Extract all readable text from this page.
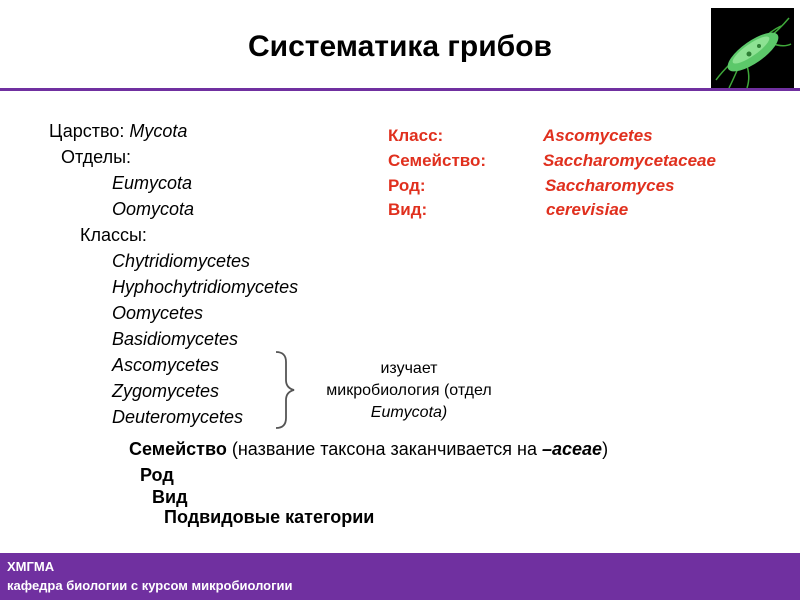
Систематика грибов
Царство: Mycota
Отделы:
Eumycota
Oomycota
Классы:
Chytridiomycetes
Hyphochytridiomycetes
Oomycetes
Basidiomycetes
Ascomycetes
Zygomycetes
Deuteromycetes
изучает
микробиология (отдел
Eumycota)
Семейство (название таксона заканчивается на –aceae)
Род
Вид
Подвидовые категории
Класс:	Ascomycetes
Семейство:	Saccharomycetaceae
Род:	Saccharomyces
Вид:	cerevisiae
ХМГМА
кафедра биологии с курсом микробиологии
